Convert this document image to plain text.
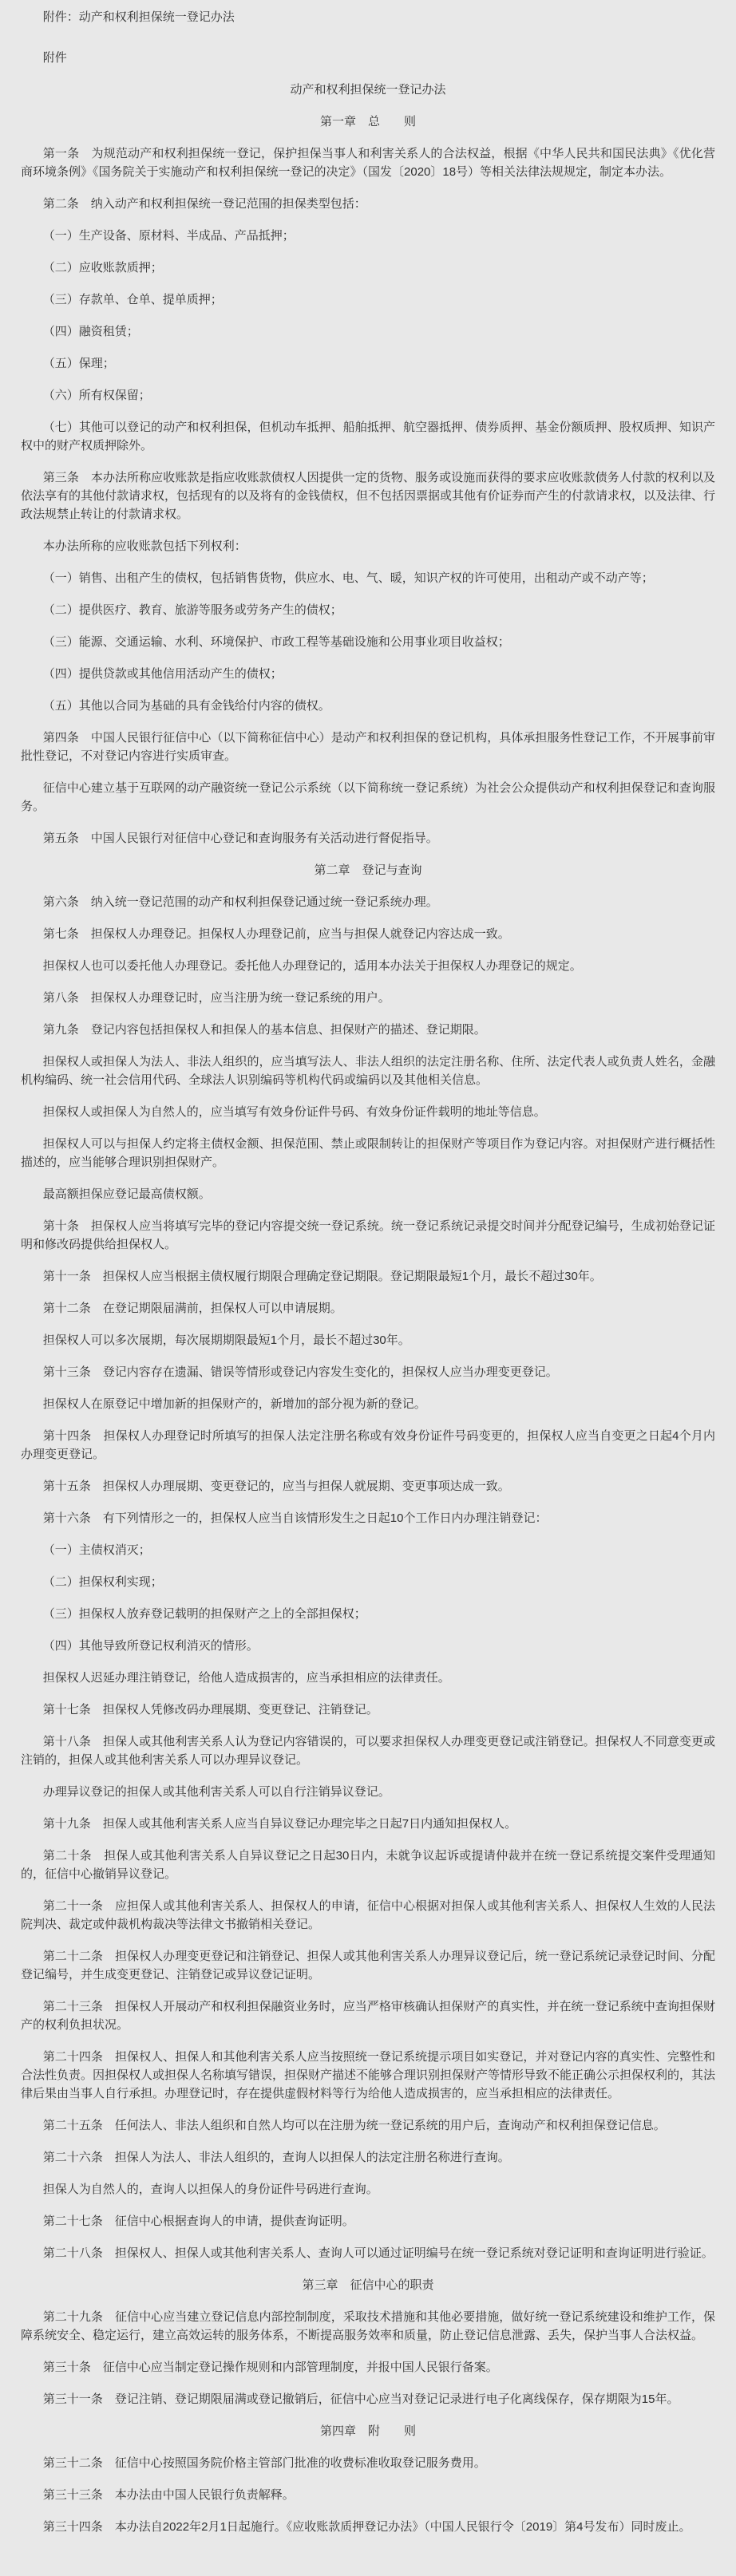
附件：动产和权利担保统一登记办法

附件

动产和权利担保统一登记办法

第一章　总　　则

第一条　为规范动产和权利担保统一登记，保护担保当事人和利害关系人的合法权益，根据《中华人民共和国民法典》《优化营商环境条例》《国务院关于实施动产和权利担保统一登记的决定》（国发〔2020〕18号）等相关法律法规规定，制定本办法。

第二条　纳入动产和权利担保统一登记范围的担保类型包括：

（一）生产设备、原材料、半成品、产品抵押；

（二）应收账款质押；

（三）存款单、仓单、提单质押；

（四）融资租赁；

（五）保理；

（六）所有权保留；

（七）其他可以登记的动产和权利担保，但机动车抵押、船舶抵押、航空器抵押、债券质押、基金份额质押、股权质押、知识产权中的财产权质押除外。

第三条　本办法所称应收账款是指应收账款债权人因提供一定的货物、服务或设施而获得的要求应收账款债务人付款的权利以及依法享有的其他付款请求权，包括现有的以及将有的金钱债权，但不包括因票据或其他有价证券而产生的付款请求权，以及法律、行政法规禁止转让的付款请求权。

本办法所称的应收账款包括下列权利：

（一）销售、出租产生的债权，包括销售货物，供应水、电、气、暖，知识产权的许可使用，出租动产或不动产等；

（二）提供医疗、教育、旅游等服务或劳务产生的债权；

（三）能源、交通运输、水利、环境保护、市政工程等基础设施和公用事业项目收益权；

（四）提供贷款或其他信用活动产生的债权；

（五）其他以合同为基础的具有金钱给付内容的债权。

第四条　中国人民银行征信中心（以下简称征信中心）是动产和权利担保的登记机构，具体承担服务性登记工作，不开展事前审批性登记，不对登记内容进行实质审查。

征信中心建立基于互联网的动产融资统一登记公示系统（以下简称统一登记系统）为社会公众提供动产和权利担保登记和查询服务。

第五条　中国人民银行对征信中心登记和查询服务有关活动进行督促指导。

第二章　登记与查询

第六条　纳入统一登记范围的动产和权利担保登记通过统一登记系统办理。

第七条　担保权人办理登记。担保权人办理登记前，应当与担保人就登记内容达成一致。

担保权人也可以委托他人办理登记。委托他人办理登记的，适用本办法关于担保权人办理登记的规定。

第八条　担保权人办理登记时，应当注册为统一登记系统的用户。

第九条　登记内容包括担保权人和担保人的基本信息、担保财产的描述、登记期限。

担保权人或担保人为法人、非法人组织的，应当填写法人、非法人组织的法定注册名称、住所、法定代表人或负责人姓名，金融机构编码、统一社会信用代码、全球法人识别编码等机构代码或编码以及其他相关信息。

担保权人或担保人为自然人的，应当填写有效身份证件号码、有效身份证件载明的地址等信息。

担保权人可以与担保人约定将主债权金额、担保范围、禁止或限制转让的担保财产等项目作为登记内容。对担保财产进行概括性描述的，应当能够合理识别担保财产。

最高额担保应登记最高债权额。

第十条　担保权人应当将填写完毕的登记内容提交统一登记系统。统一登记系统记录提交时间并分配登记编号，生成初始登记证明和修改码提供给担保权人。

第十一条　担保权人应当根据主债权履行期限合理确定登记期限。登记期限最短1个月，最长不超过30年。

第十二条　在登记期限届满前，担保权人可以申请展期。

担保权人可以多次展期，每次展期期限最短1个月，最长不超过30年。

第十三条　登记内容存在遗漏、错误等情形或登记内容发生变化的，担保权人应当办理变更登记。

担保权人在原登记中增加新的担保财产的，新增加的部分视为新的登记。

第十四条　担保权人办理登记时所填写的担保人法定注册名称或有效身份证件号码变更的，担保权人应当自变更之日起4个月内办理变更登记。

第十五条　担保权人办理展期、变更登记的，应当与担保人就展期、变更事项达成一致。

第十六条　有下列情形之一的，担保权人应当自该情形发生之日起10个工作日内办理注销登记：

（一）主债权消灭；

（二）担保权利实现；

（三）担保权人放弃登记载明的担保财产之上的全部担保权；

（四）其他导致所登记权利消灭的情形。

担保权人迟延办理注销登记，给他人造成损害的，应当承担相应的法律责任。

第十七条　担保权人凭修改码办理展期、变更登记、注销登记。

第十八条　担保人或其他利害关系人认为登记内容错误的，可以要求担保权人办理变更登记或注销登记。担保权人不同意变更或注销的，担保人或其他利害关系人可以办理异议登记。

办理异议登记的担保人或其他利害关系人可以自行注销异议登记。

第十九条　担保人或其他利害关系人应当自异议登记办理完毕之日起7日内通知担保权人。

第二十条　担保人或其他利害关系人自异议登记之日起30日内，未就争议起诉或提请仲裁并在统一登记系统提交案件受理通知的，征信中心撤销异议登记。

第二十一条　应担保人或其他利害关系人、担保权人的申请，征信中心根据对担保人或其他利害关系人、担保权人生效的人民法院判决、裁定或仲裁机构裁决等法律文书撤销相关登记。

第二十二条　担保权人办理变更登记和注销登记、担保人或其他利害关系人办理异议登记后，统一登记系统记录登记时间、分配登记编号，并生成变更登记、注销登记或异议登记证明。

第二十三条　担保权人开展动产和权利担保融资业务时，应当严格审核确认担保财产的真实性，并在统一登记系统中查询担保财产的权利负担状况。

第二十四条　担保权人、担保人和其他利害关系人应当按照统一登记系统提示项目如实登记，并对登记内容的真实性、完整性和合法性负责。因担保权人或担保人名称填写错误，担保财产描述不能够合理识别担保财产等情形导致不能正确公示担保权利的，其法律后果由当事人自行承担。办理登记时，存在提供虚假材料等行为给他人造成损害的，应当承担相应的法律责任。

第二十五条　任何法人、非法人组织和自然人均可以在注册为统一登记系统的用户后，查询动产和权利担保登记信息。

第二十六条　担保人为法人、非法人组织的，查询人以担保人的法定注册名称进行查询。

担保人为自然人的，查询人以担保人的身份证件号码进行查询。

第二十七条　征信中心根据查询人的申请，提供查询证明。

第二十八条　担保权人、担保人或其他利害关系人、查询人可以通过证明编号在统一登记系统对登记证明和查询证明进行验证。

第三章　征信中心的职责

第二十九条　征信中心应当建立登记信息内部控制制度，采取技术措施和其他必要措施，做好统一登记系统建设和维护工作，保障系统安全、稳定运行，建立高效运转的服务体系，不断提高服务效率和质量，防止登记信息泄露、丢失，保护当事人合法权益。

第三十条　征信中心应当制定登记操作规则和内部管理制度，并报中国人民银行备案。

第三十一条　登记注销、登记期限届满或登记撤销后，征信中心应当对登记记录进行电子化离线保存，保存期限为15年。

第四章　附　　则

第三十二条　征信中心按照国务院价格主管部门批准的收费标准收取登记服务费用。

第三十三条　本办法由中国人民银行负责解释。

第三十四条　本办法自2022年2月1日起施行。《应收账款质押登记办法》（中国人民银行令〔2019〕第4号发布）同时废止。
